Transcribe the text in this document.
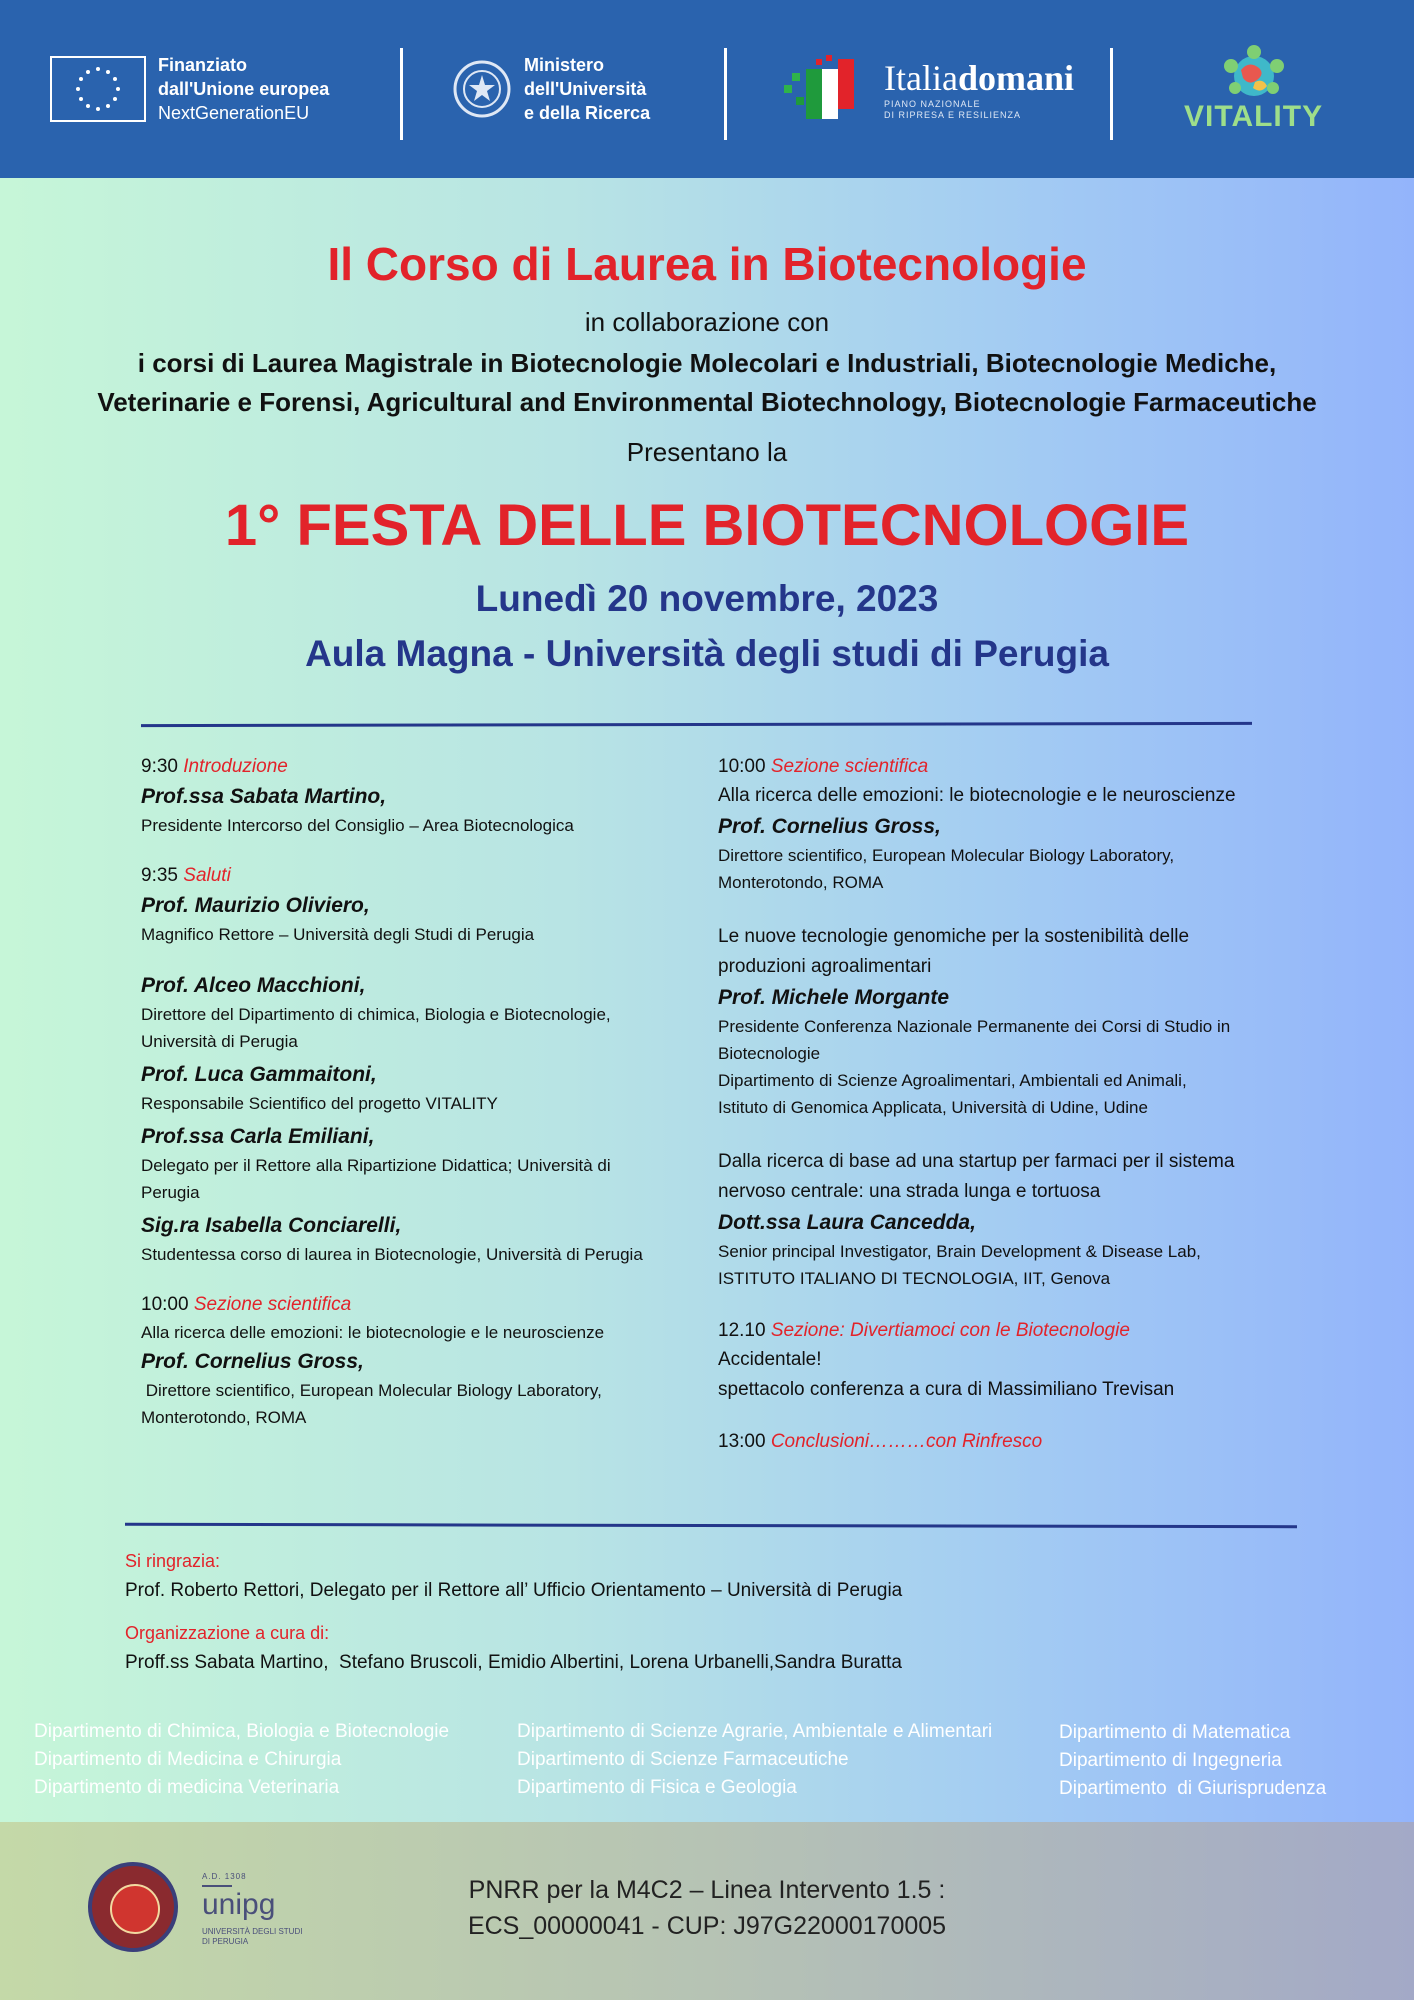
Finanziato
dall'Unione europea
NextGenerationEU
Ministero
dell'Università
e della Ricerca
Italiadomani
PIANO NAZIONALE
DI RIPRESA E RESILIENZA	VITALITY
Il Corso di Laurea in Biotecnologie
in collaborazione con
i corsi di Laurea Magistrale in Biotecnologie Molecolari e Industriali, Biotecnologie Mediche,
Veterinarie e Forensi, Agricultural and Environmental Biotechnology, Biotecnologie Farmaceutiche
Presentano la
1° FESTA DELLE BIOTECNOLOGIE
Lunedì 20 novembre, 2023
Aula Magna - Università degli studi di Perugia
9:30 Introduzione
Prof.ssa Sabata Martino,
Presidente Intercorso del Consiglio – Area Biotecnologica
9:35 Saluti
Prof. Maurizio Oliviero,
Magnifico Rettore – Università degli Studi di Perugia
Prof. Alceo Macchioni,
Direttore del Dipartimento di chimica, Biologia e Biotecnologie,
Università di Perugia
Prof. Luca Gammaitoni,
Responsabile Scientifico del progetto VITALITY
Prof.ssa Carla Emiliani,
Delegato per il Rettore alla Ripartizione Didattica; Università di
Perugia
Sig.ra Isabella Conciarelli,
Studentessa corso di laurea in Biotecnologie, Università di Perugia
10:00 Sezione scientifica
Alla ricerca delle emozioni: le biotecnologie e le neuroscienze
Prof. Cornelius Gross,
Direttore scientifico, European Molecular Biology Laboratory,
Monterotondo, ROMA
10:00 Sezione scientifica
Alla ricerca delle emozioni: le biotecnologie e le neuroscienze
Prof. Cornelius Gross,
Direttore scientifico, European Molecular Biology Laboratory,
Monterotondo, ROMA
Le nuove tecnologie genomiche per la sostenibilità delle
produzioni agroalimentari
Prof. Michele Morgante
Presidente Conferenza Nazionale Permanente dei Corsi di Studio in
Biotecnologie
Dipartimento di Scienze Agroalimentari, Ambientali ed Animali,
Istituto di Genomica Applicata, Università di Udine, Udine
Dalla ricerca di base ad una startup per farmaci per il sistema
nervoso centrale: una strada lunga e tortuosa
Dott.ssa Laura Cancedda,
Senior principal Investigator, Brain Development & Disease Lab,
ISTITUTO ITALIANO DI TECNOLOGIA, IIT, Genova
12.10 Sezione: Divertiamoci con le Biotecnologie
Accidentale!
spettacolo conferenza a cura di Massimiliano Trevisan
13:00 Conclusioni………con Rinfresco
Si ringrazia:
Prof. Roberto Rettori, Delegato per il Rettore all’ Ufficio Orientamento – Università di Perugia
Organizzazione a cura di:
Proff.ss Sabata Martino,  Stefano Bruscoli, Emidio Albertini, Lorena Urbanelli,Sandra Buratta
Dipartimento di Chimica, Biologia e Biotecnologie
Dipartimento di Medicina e Chirurgia
Dipartimento di medicina Veterinaria
Dipartimento di Scienze Agrarie, Ambientale e Alimentari
Dipartimento di Scienze Farmaceutiche
Dipartimento di Fisica e Geologia
Dipartimento di Matematica
Dipartimento di Ingegneria
Dipartimento  di Giurisprudenza
A.D. 1308
unipg
UNIVERSITÀ DEGLI STUDI
DI PERUGIA
PNRR per la M4C2 – Linea Intervento 1.5 :
ECS_00000041 - CUP: J97G22000170005
